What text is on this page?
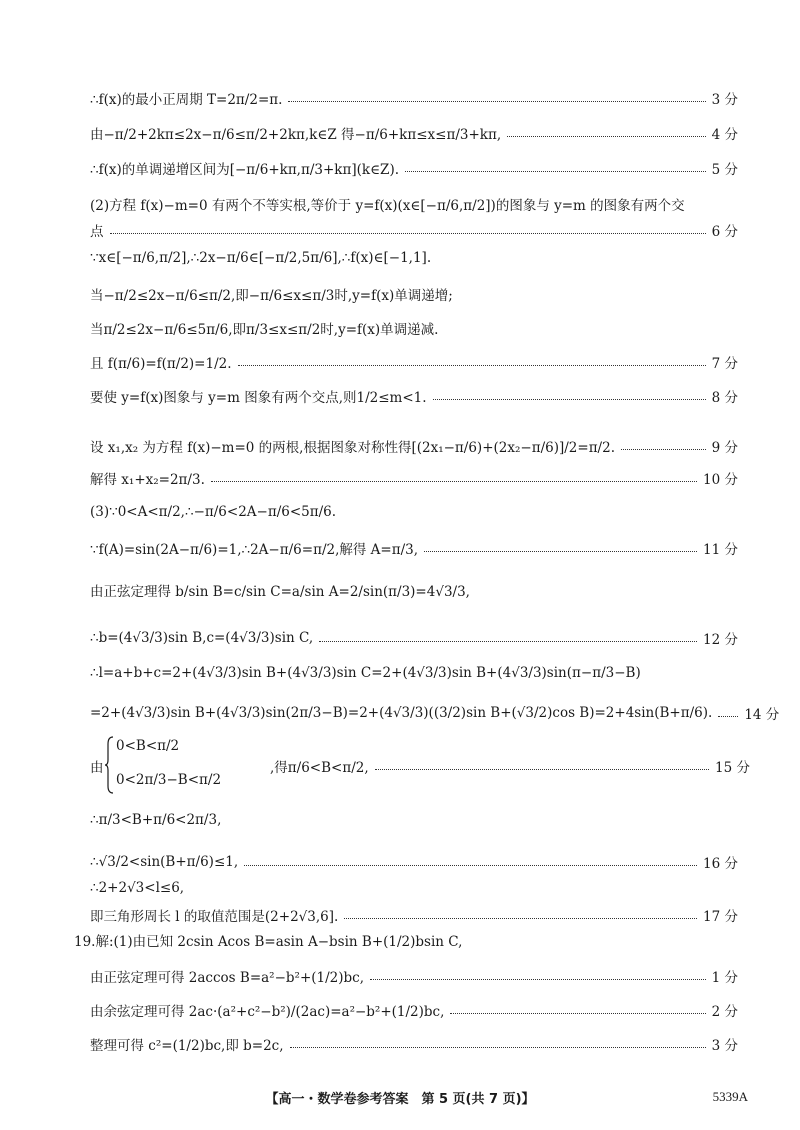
∴f(x)的最小正周期 T=2π/2=π.	3 分
由−π/2+2kπ≤2x−π/6≤π/2+2kπ,k∈Z 得−π/6+kπ≤x≤π/3+kπ,	4 分
∴f(x)的单调递增区间为[−π/6+kπ,π/3+kπ](k∈Z).	5 分
(2)方程 f(x)−m=0 有两个不等实根,等价于 y=f(x)(x∈[−π/6,π/2])的图象与 y=m 的图象有两个交
点	6 分
∵x∈[−π/6,π/2],∴2x−π/6∈[−π/2,5π/6],∴f(x)∈[−1,1].
当−π/2≤2x−π/6≤π/2,即−π/6≤x≤π/3时,y=f(x)单调递增;
当π/2≤2x−π/6≤5π/6,即π/3≤x≤π/2时,y=f(x)单调递减.
且 f(π/6)=f(π/2)=1/2.	7 分
要使 y=f(x)图象与 y=m 图象有两个交点,则1/2≤m<1.	8 分
设 x₁,x₂ 为方程 f(x)−m=0 的两根,根据图象对称性得[(2x₁−π/6)+(2x₂−π/6)]/2=π/2.	9 分
解得 x₁+x₂=2π/3.	10 分
(3)∵0<A<π/2,∴−π/6<2A−π/6<5π/6.
∵f(A)=sin(2A−π/6)=1,∴2A−π/6=π/2,解得 A=π/3,	11 分
由正弦定理得 b/sin B=c/sin C=a/sin A=2/sin(π/3)=4√3/3,
∴b=(4√3/3)sin B,c=(4√3/3)sin C,	12 分
∴l=a+b+c=2+(4√3/3)sin B+(4√3/3)sin C=2+(4√3/3)sin B+(4√3/3)sin(π−π/3−B)
=2+(4√3/3)sin B+(4√3/3)sin(2π/3−B)=2+(4√3/3)((3/2)sin B+(√3/2)cos B)=2+4sin(B+π/6). 14 分
由
0<B<π/2
0<2π/3−B<π/2
,得π/6<B<π/2,	15 分
∴π/3<B+π/6<2π/3,
∴√3/2<sin(B+π/6)≤1,	16 分
∴2+2√3<l≤6,
即三角形周长 l 的取值范围是(2+2√3,6].	17 分
19.解:(1)由已知 2csin Acos B=asin A−bsin B+(1/2)bsin C,
由正弦定理可得 2accos B=a²−b²+(1/2)bc,	1 分
由余弦定理可得 2ac·(a²+c²−b²)/(2ac)=a²−b²+(1/2)bc,	2 分
整理可得 c²=(1/2)bc,即 b=2c,	3 分
【高一・数学卷参考答案　第 5 页(共 7 页)】	5339A
